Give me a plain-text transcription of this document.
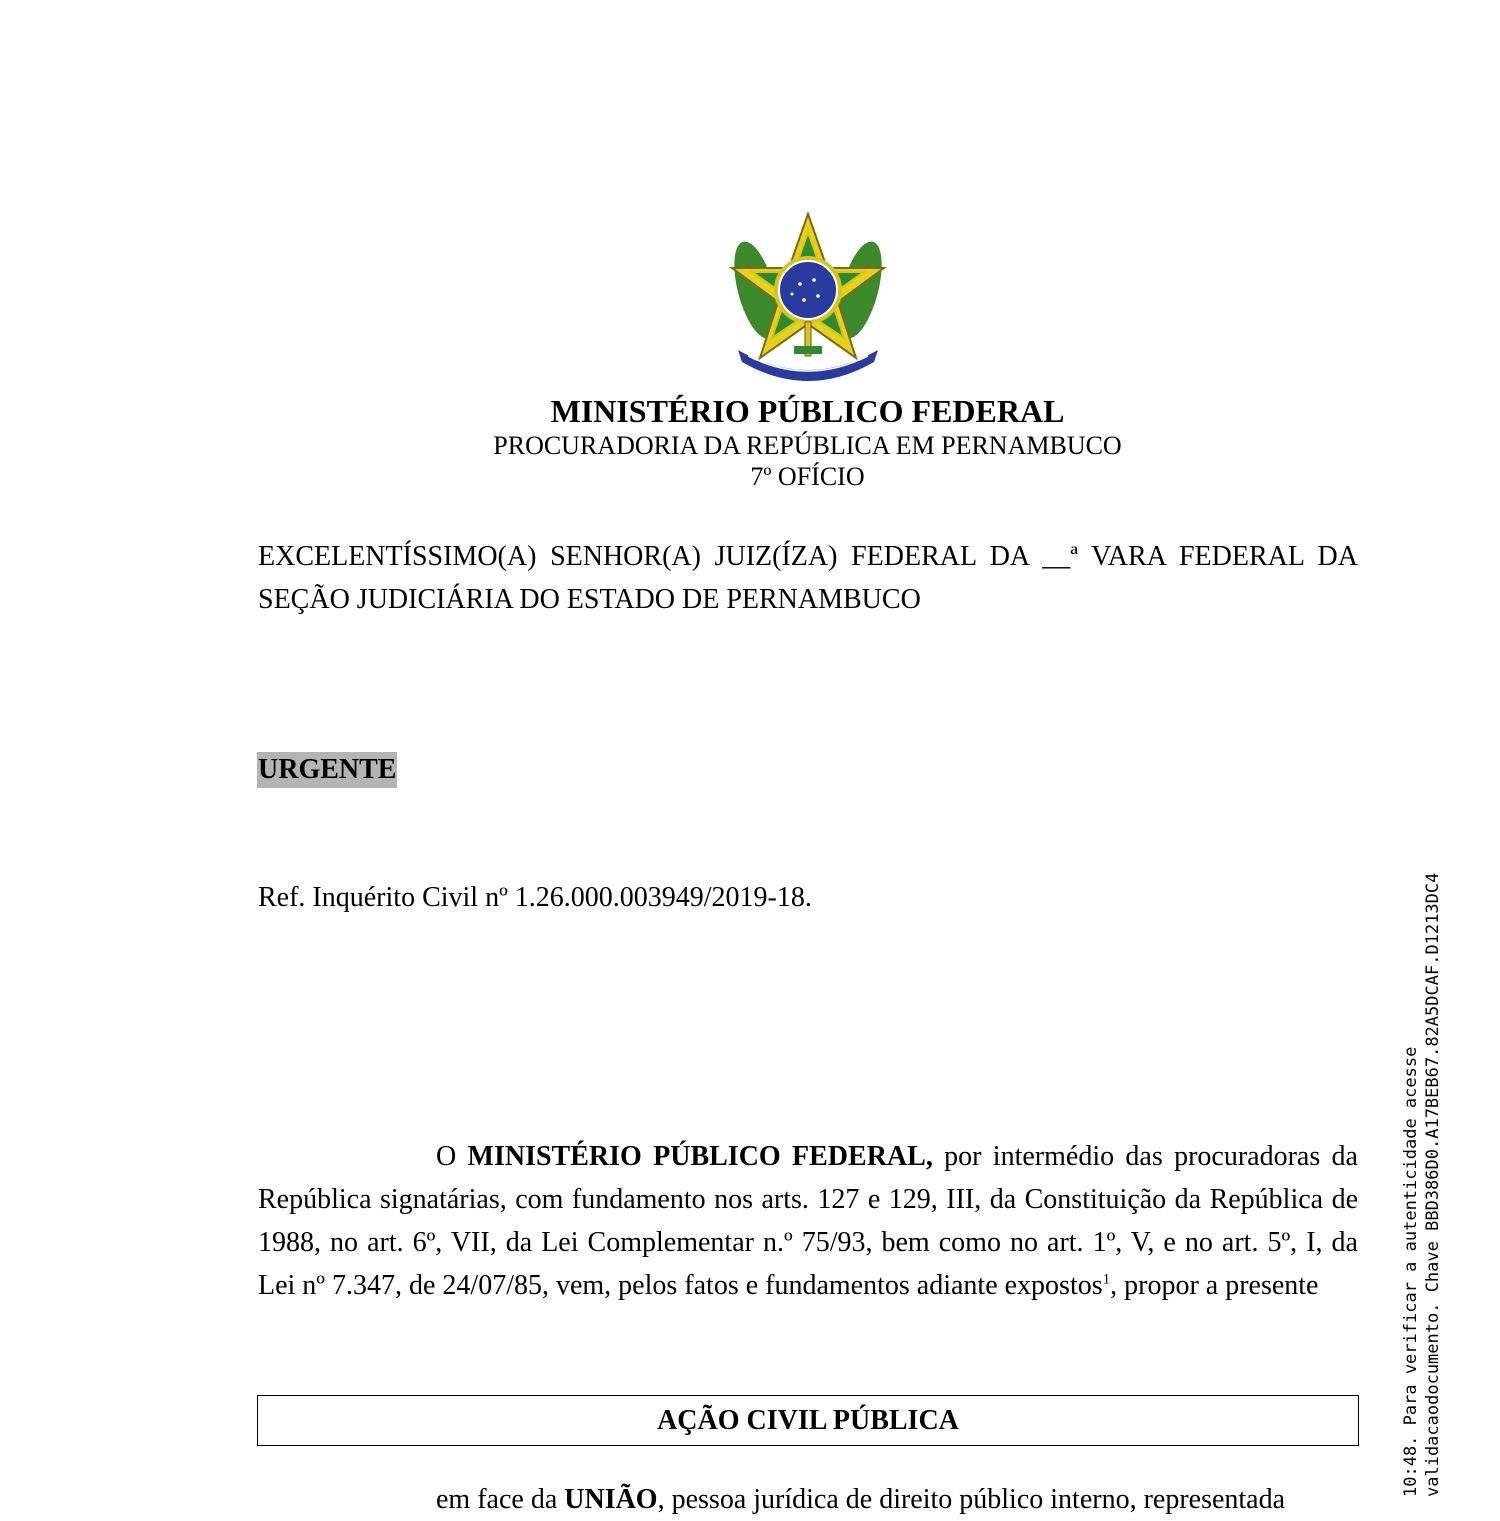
MINISTÉRIO PÚBLICO FEDERAL
PROCURADORIA DA REPÚBLICA EM PERNAMBUCO
7º OFÍCIO
EXCELENTÍSSIMO(A) SENHOR(A) JUIZ(ÍZA) FEDERAL DA __ª VARA FEDERAL DA SEÇÃO JUDICIÁRIA DO ESTADO DE PERNAMBUCO
URGENTE
Ref. Inquérito Civil nº 1.26.000.003949/2019-18.

O MINISTÉRIO PÚBLICO FEDERAL, por intermédio das procuradoras da República signatárias, com fundamento nos arts. 127 e 129, III, da Constituição da República de 1988, no art. 6º, VII, da Lei Complementar n.º 75/93, bem como no art. 1º, V, e no art. 5º, I, da Lei nº 7.347, de 24/07/85, vem, pelos fatos e fundamentos adiante expostos$^1$, propor a presente

AÇÃO CIVIL PÚBLICA
em face da UNIÃO, pessoa jurídica de direito público interno, representada
10:48. Para verificar a autenticidade acesse validacaodocumento. Chave BBD386D0.A17BEB67.82A5DCAF.D1213DC4
